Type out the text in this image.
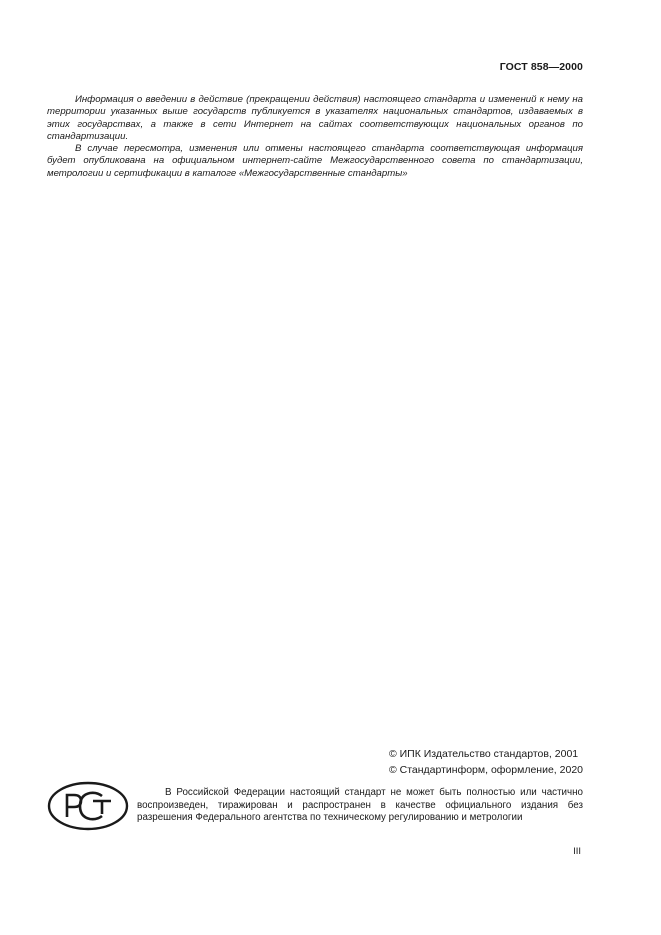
ГОСТ 858—2000

Информация о введении в действие (прекращении действия) настоящего стандарта и изменений к нему на территории указанных выше государств публикуется в указателях национальных стандартов, издаваемых в этих государствах, а также в сети Интернет на сайтах соответствующих национальных органов по стандартизации.

В случае пересмотра, изменения или отмены настоящего стандарта соответствующая информация будет опубликована на официальном интернет-сайте Межгосударственного совета по стандартизации, метрологии и сертификации в каталоге «Межгосударственные стандарты»

© ИПК Издательство стандартов, 2001
© Стандартинформ, оформление, 2020

В Российской Федерации настоящий стандарт не может быть полностью или частично воспроизведен, тиражирован и распространен в качестве официального издания без разрешения Федерального агентства по техническому регулированию и метрологии

III
